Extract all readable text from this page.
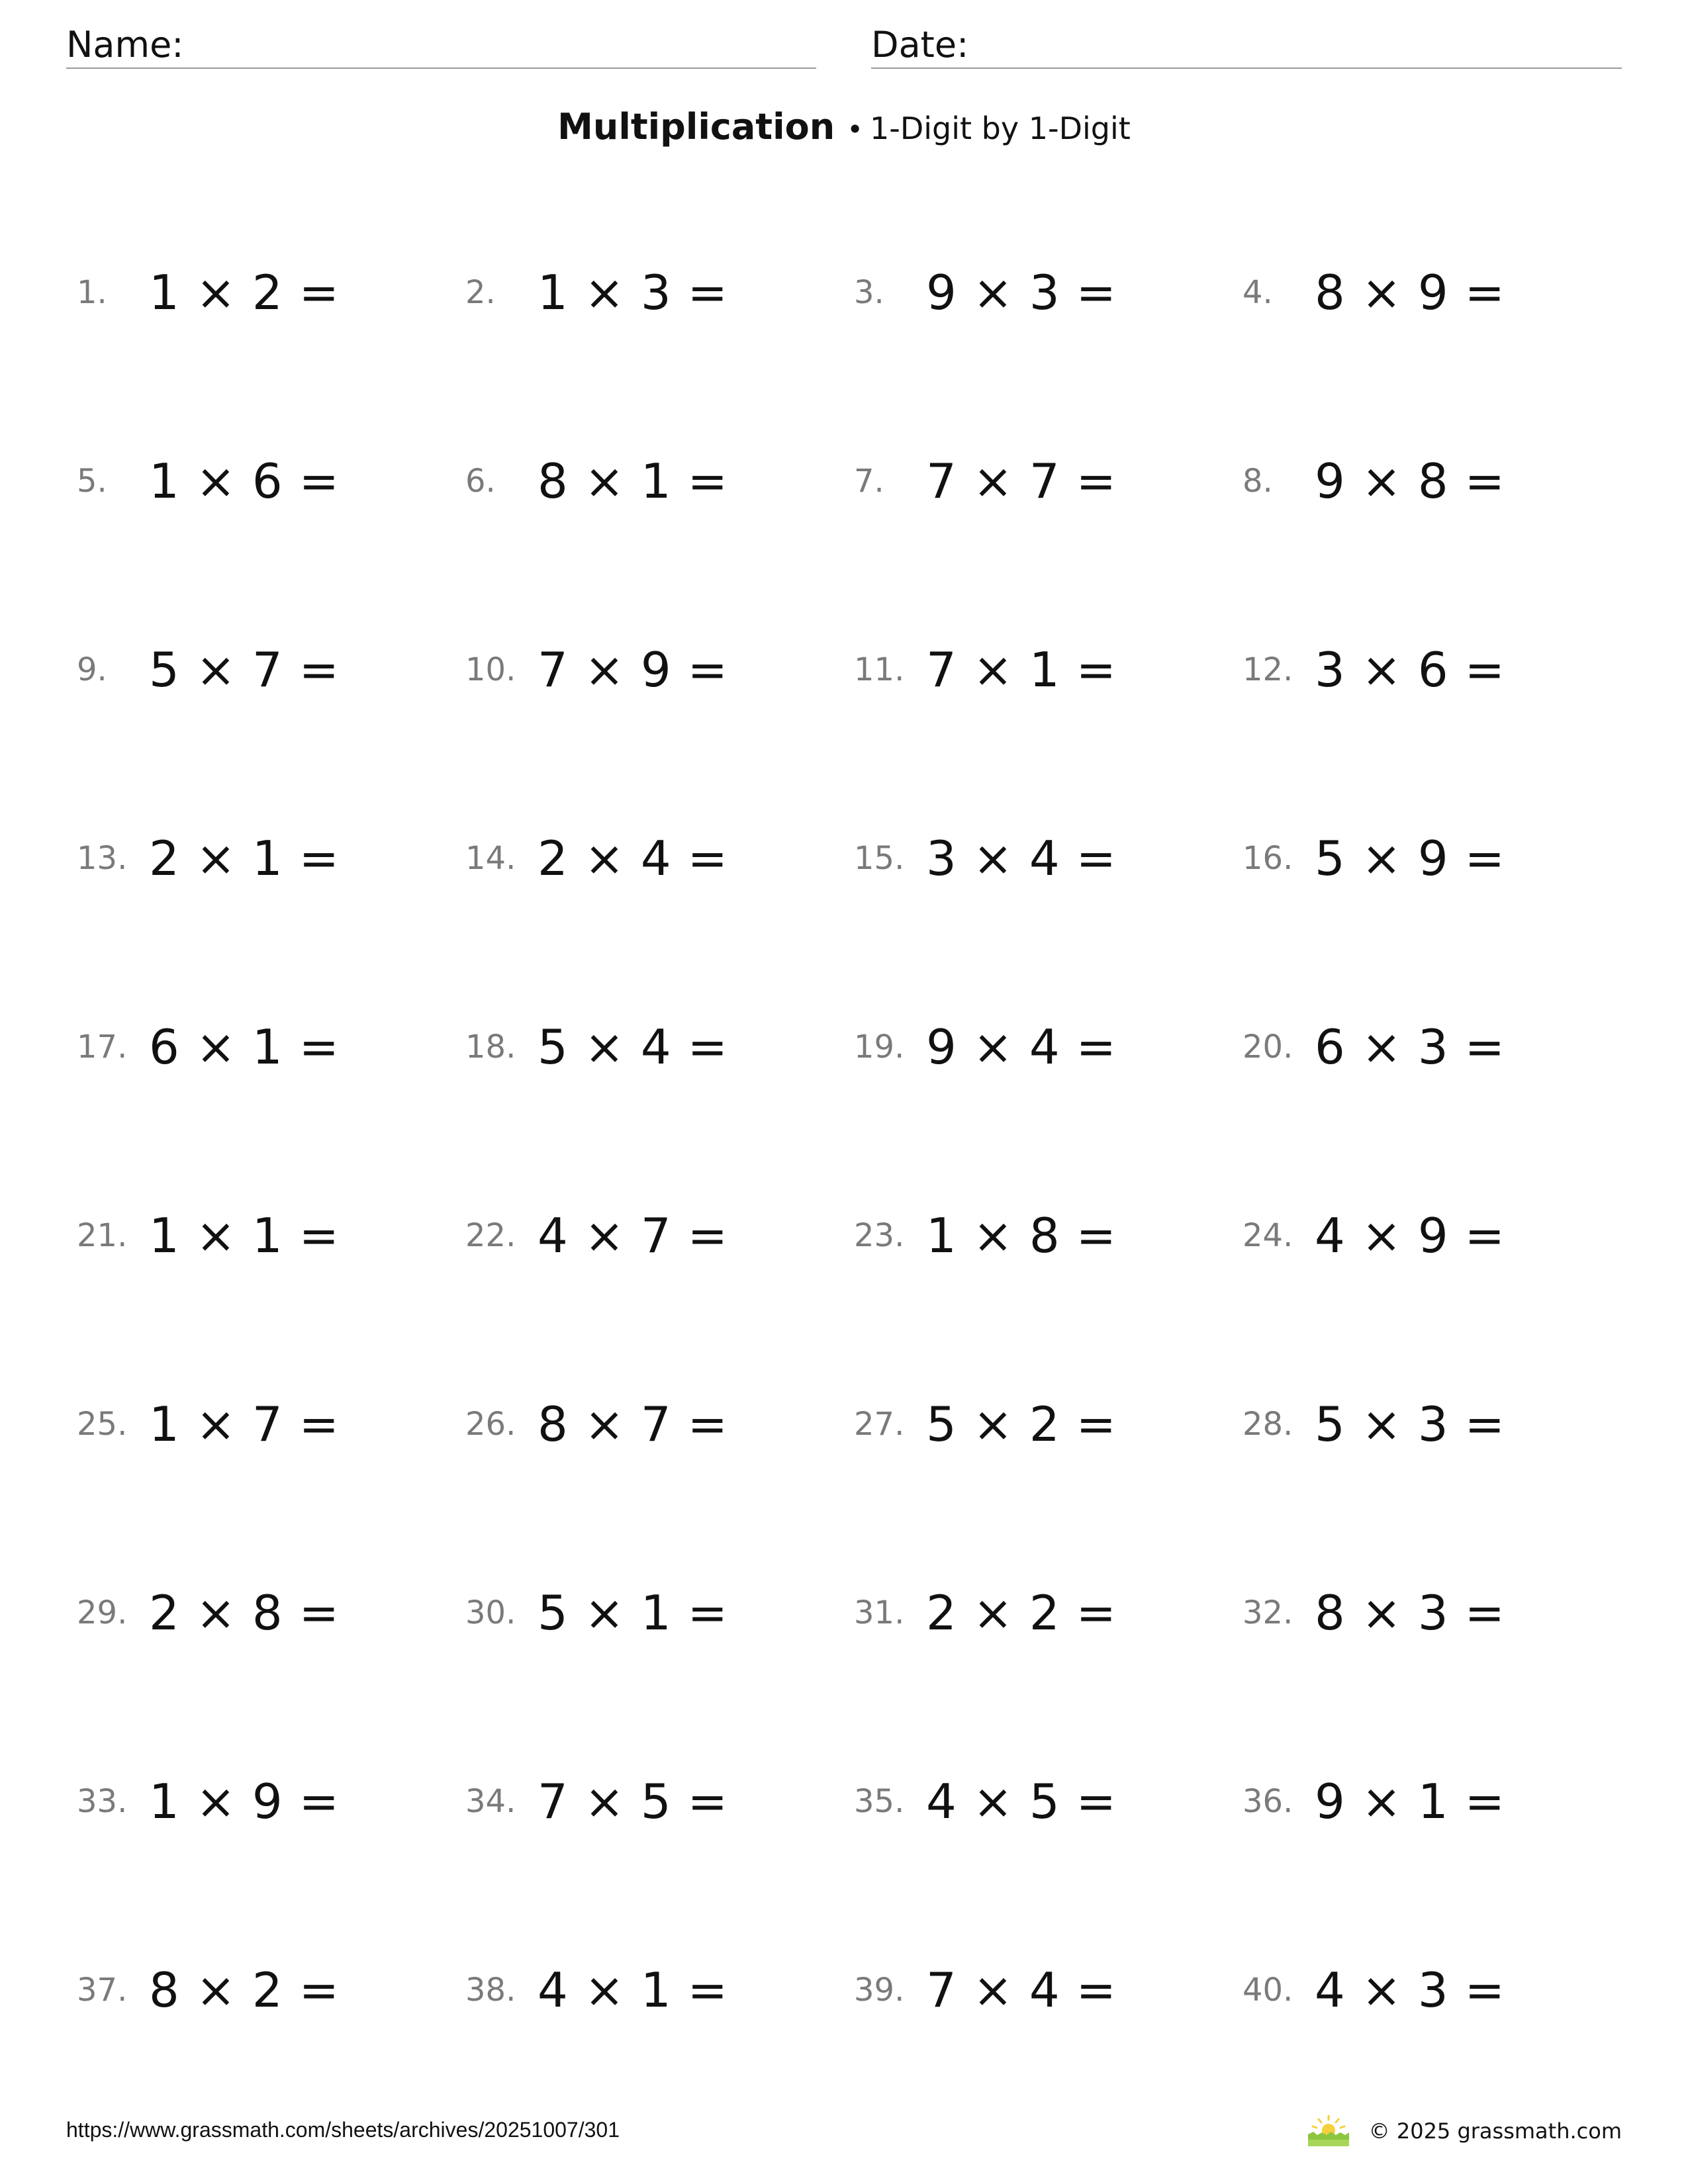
Name:	Date:
Multiplication • 1-Digit by 1-Digit
1. 1 × 2 =	2. 1 × 3 =	3. 9 × 3 =	4. 8 × 9 =
5. 1 × 6 =	6. 8 × 1 =	7. 7 × 7 =	8. 9 × 8 =
9. 5 × 7 =	10. 7 × 9 =	11. 7 × 1 =	12. 3 × 6 =
13. 2 × 1 =	14. 2 × 4 =	15. 3 × 4 =	16. 5 × 9 =
17. 6 × 1 =	18. 5 × 4 =	19. 9 × 4 =	20. 6 × 3 =
21. 1 × 1 =	22. 4 × 7 =	23. 1 × 8 =	24. 4 × 9 =
25. 1 × 7 =	26. 8 × 7 =	27. 5 × 2 =	28. 5 × 3 =
29. 2 × 8 =	30. 5 × 1 =	31. 2 × 2 =	32. 8 × 3 =
33. 1 × 9 =	34. 7 × 5 =	35. 4 × 5 =	36. 9 × 1 =
37. 8 × 2 =	38. 4 × 1 =	39. 7 × 4 =	40. 4 × 3 =
https://www.grassmath.com/sheets/archives/20251007/301	© 2025 grassmath.com
